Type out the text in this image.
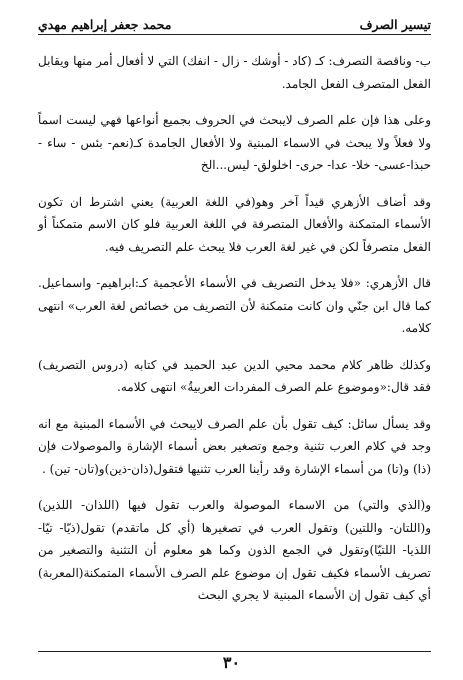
تيسير الصرف
محمد جعفر إبراهيم مهدي

ب- وناقصة التصرف: كـ (كاد - أوشك - زال - انفك) التي لا أفعال أمر منها ويقابل الفعل المتصرف الفعل الجامد.

وعلى هذا فإن علم الصرف لايبحث في الحروف بجميع أنواعها فهي ليست اسماً ولا فعلاً ولا يبحث في الاسماء المبنية ولا الأفعال الجامدة كـ(نعم- بئس - ساء - حبذا-عسى- خلا- عدا- حرى- اخلولق- ليس...الخ

وقد أضاف الأزهري قيداً آخر وهو(في اللغة العربية) يعني اشترط ان تكون الأسماء المتمكنة والأفعال المتصرفة في اللغة العربية فلو كان الاسم متمكناً أو الفعل متصرفاً لكن في غير لغة العرب فلا يبحث علم التصريف فيه.

قال الأزهري: «فلا يدخل التصريف في الأسماء الأعجمية كـ:ابراهيم- واسماعيل. كما قال ابن جنّي وان كانت متمكنة لأن التصريف من خصائص لغة العرب» انتهى كلامه.

وكذلك ظاهر كلام محمد محيي الدين عبد الحميد في كتابه (دروس التصريف) فقد قال:«وموضوع علم الصرف المفردات العربيةُ» انتهى كلامه.

وقد يسأل سائل: كيف تقول بأن علم الصرف لايبحث في الأسماء المبنية مع انه وجد في كلام العرب تثنية وجمع وتصغير بعض أسماء الإشارة والموصولات فإن (ذا) و(تا) من أسماء الإشارة وقد رأينا العرب تثنيها فتقول(ذان-ذين)و(تان- تين) .

و(الذي والتي) من الاسماء الموصولة والعرب تقول فيها (اللذان- اللذين) و(اللتان- واللتين) وتقول العرب في تصغيرها (أي كل ماتقدم) تقول(ذيّا- تيّا- اللذيا- اللتيّا)وتقول في الجمع الذون وكما هو معلوم أن التثنية والتصغير من تصريف الأسماء فكيف تقول إن موضوع علم الصرف الأسماء المتمكنة(المعربة) أي كيف تقول إن الأسماء المبنية لا يجري البحث

٣٠
